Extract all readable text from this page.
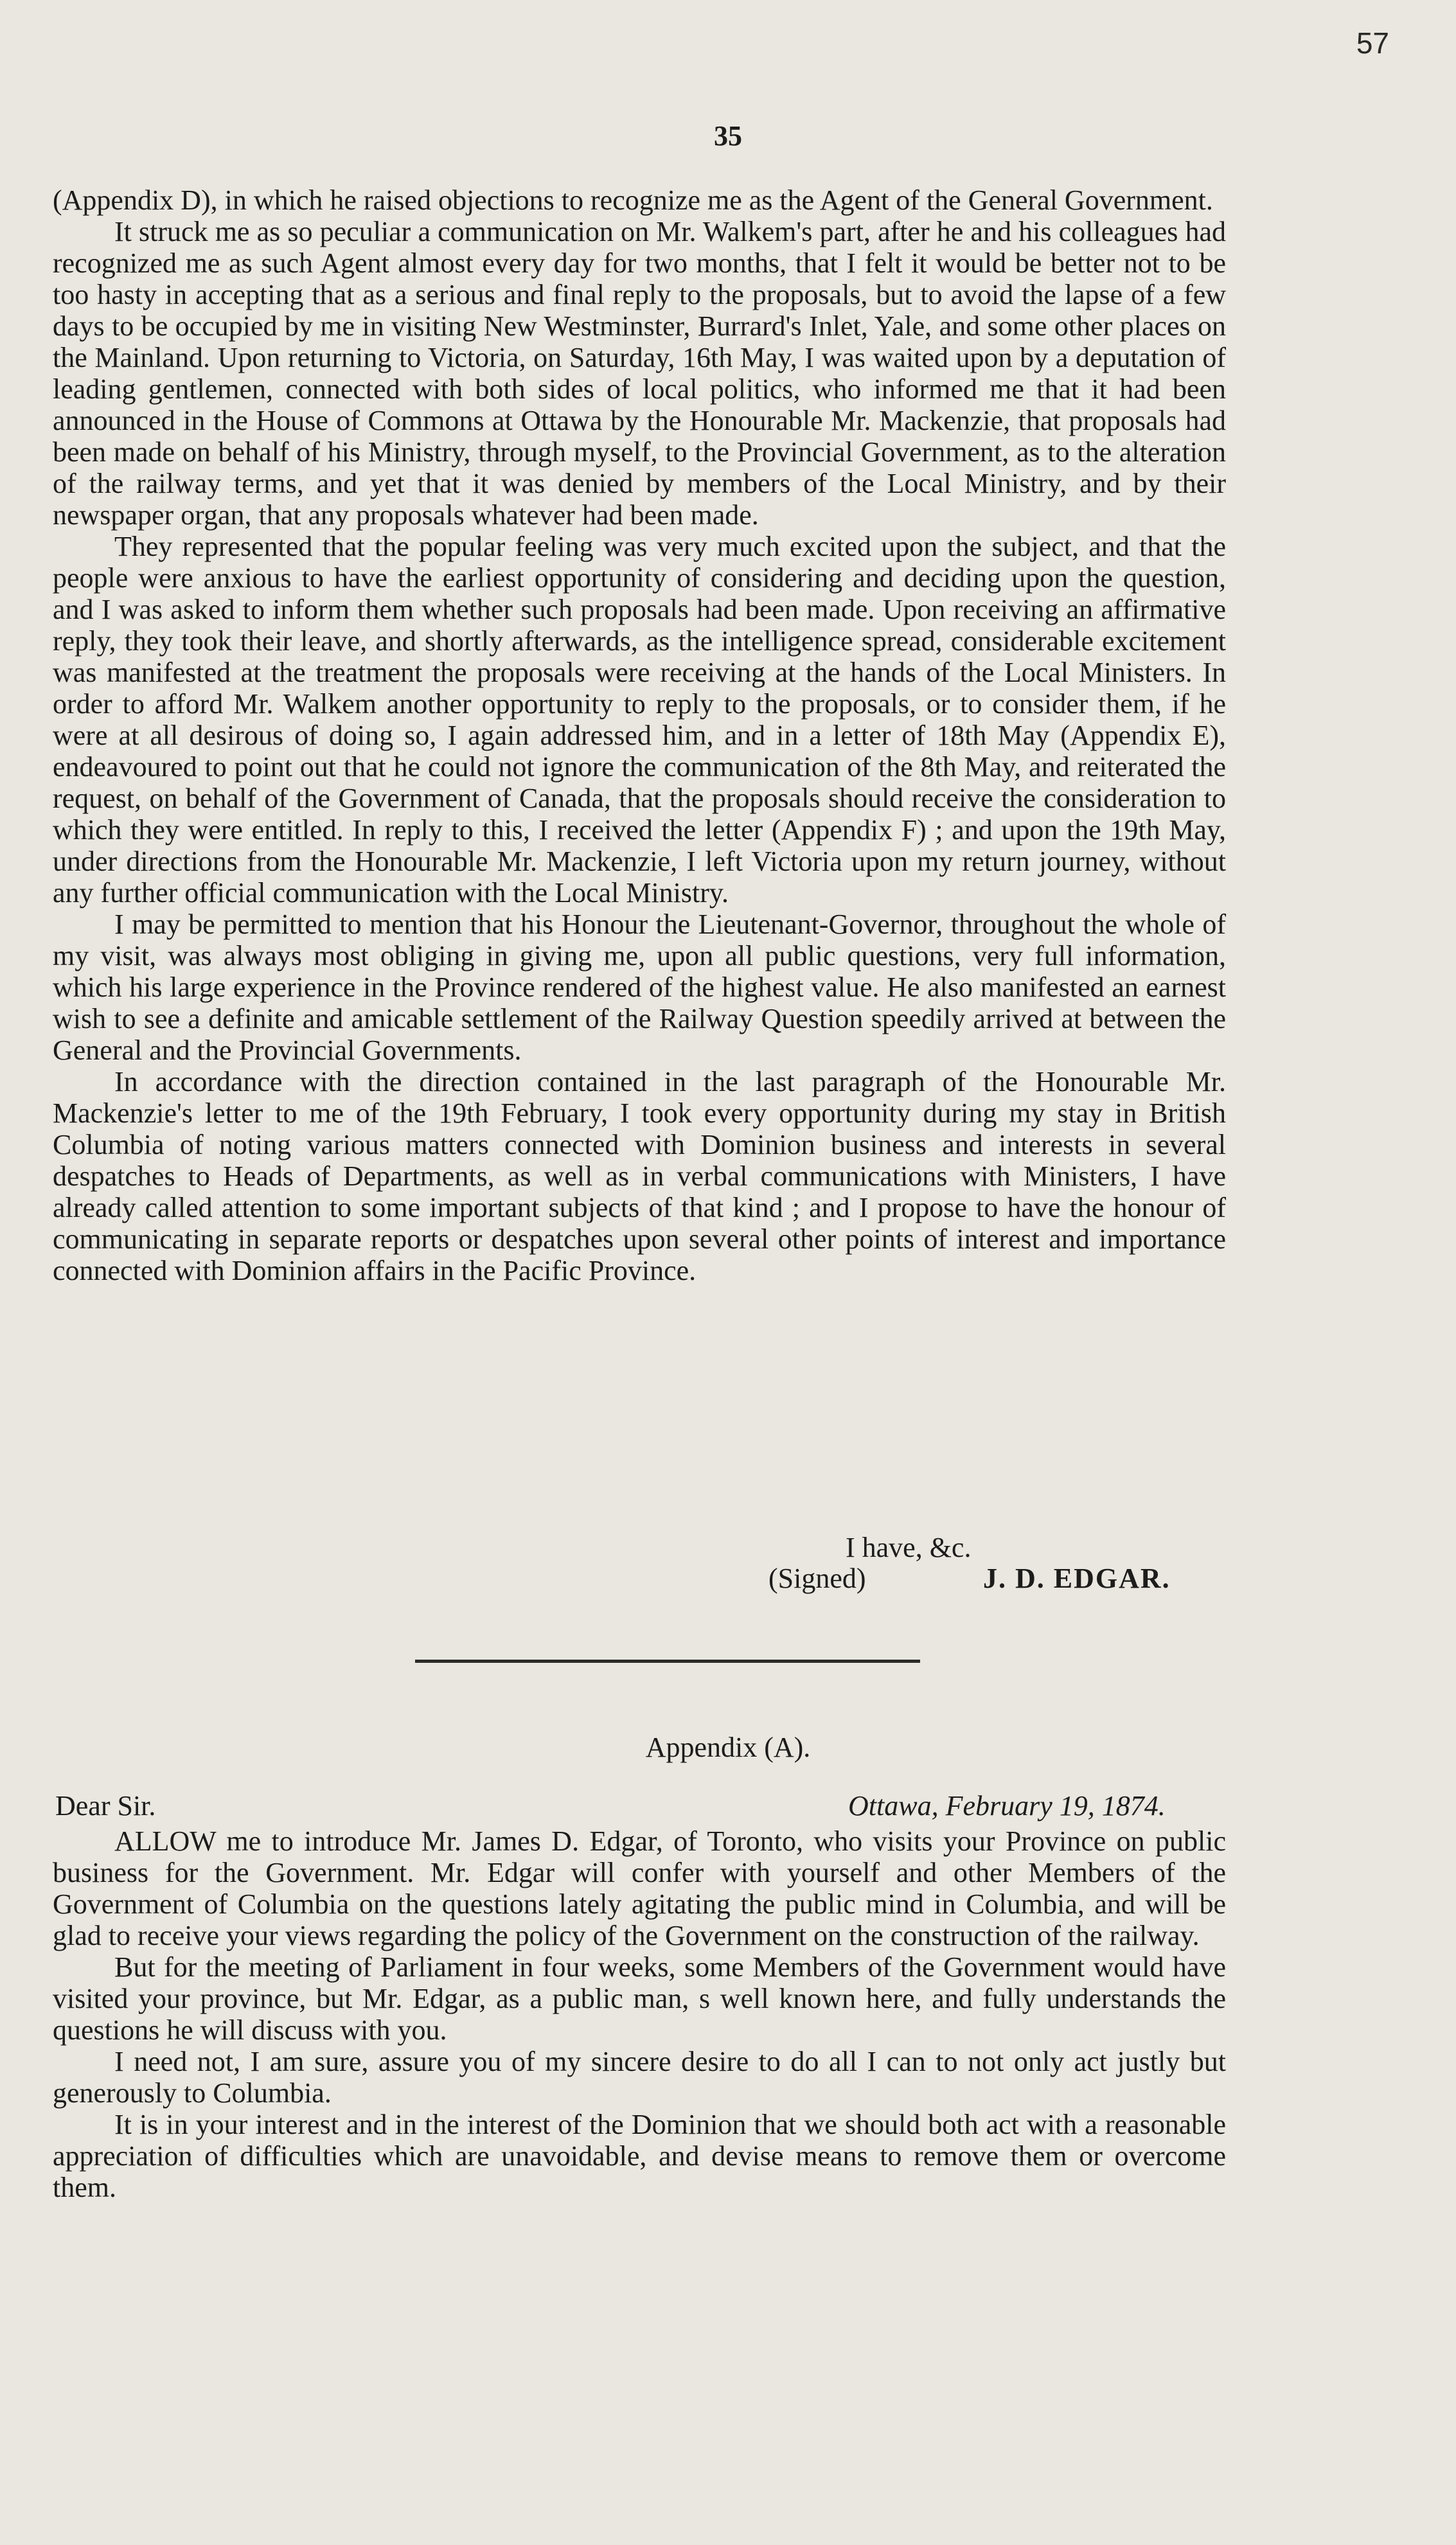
57
35

(Appendix D), in which he raised objections to recognize me as the Agent of the General Government.

It struck me as so peculiar a communication on Mr. Walkem's part, after he and his colleagues had recognized me as such Agent almost every day for two months, that I felt it would be better not to be too hasty in accepting that as a serious and final reply to the proposals, but to avoid the lapse of a few days to be occupied by me in visiting New Westminster, Burrard's Inlet, Yale, and some other places on the Mainland. Upon returning to Victoria, on Saturday, 16th May, I was waited upon by a deputation of leading gentlemen, connected with both sides of local politics, who informed me that it had been announced in the House of Commons at Ottawa by the Honourable Mr. Mackenzie, that proposals had been made on behalf of his Ministry, through myself, to the Provincial Government, as to the alteration of the railway terms, and yet that it was denied by members of the Local Ministry, and by their newspaper organ, that any proposals whatever had been made.

They represented that the popular feeling was very much excited upon the subject, and that the people were anxious to have the earliest opportunity of considering and deciding upon the question, and I was asked to inform them whether such proposals had been made. Upon receiving an affirmative reply, they took their leave, and shortly afterwards, as the intelligence spread, considerable excitement was manifested at the treatment the proposals were receiving at the hands of the Local Ministers. In order to afford Mr. Walkem another opportunity to reply to the proposals, or to consider them, if he were at all desirous of doing so, I again addressed him, and in a letter of 18th May (Appendix E), endeavoured to point out that he could not ignore the communication of the 8th May, and reiterated the request, on behalf of the Government of Canada, that the proposals should receive the consideration to which they were entitled. In reply to this, I received the letter (Appendix F) ; and upon the 19th May, under directions from the Honourable Mr. Mackenzie, I left Victoria upon my return journey, without any further official communication with the Local Ministry.

I may be permitted to mention that his Honour the Lieutenant-Governor, throughout the whole of my visit, was always most obliging in giving me, upon all public questions, very full information, which his large experience in the Province rendered of the highest value. He also manifested an earnest wish to see a definite and amicable settlement of the Railway Question speedily arrived at between the General and the Provincial Governments.

In accordance with the direction contained in the last paragraph of the Honourable Mr. Mackenzie's letter to me of the 19th February, I took every opportunity during my stay in British Columbia of noting various matters connected with Dominion business and interests in several despatches to Heads of Departments, as well as in verbal communications with Ministers, I have already called attention to some important subjects of that kind ; and I propose to have the honour of communicating in separate reports or despatches upon several other points of interest and importance connected with Dominion affairs in the Pacific Province.

I have, &c.
(Signed)	J. D. EDGAR.
Appendix (A).
Dear Sir.	Ottawa, February 19, 1874.

ALLOW me to introduce Mr. James D. Edgar, of Toronto, who visits your Province on public business for the Government. Mr. Edgar will confer with yourself and other Members of the Government of Columbia on the questions lately agitating the public mind in Columbia, and will be glad to receive your views regarding the policy of the Government on the construction of the railway.

But for the meeting of Parliament in four weeks, some Members of the Government would have visited your province, but Mr. Edgar, as a public man, s well known here, and fully understands the questions he will discuss with you.

I need not, I am sure, assure you of my sincere desire to do all I can to not only act justly but generously to Columbia.

It is in your interest and in the interest of the Dominion that we should both act with a reasonable appreciation of difficulties which are unavoidable, and devise means to remove them or overcome them.
